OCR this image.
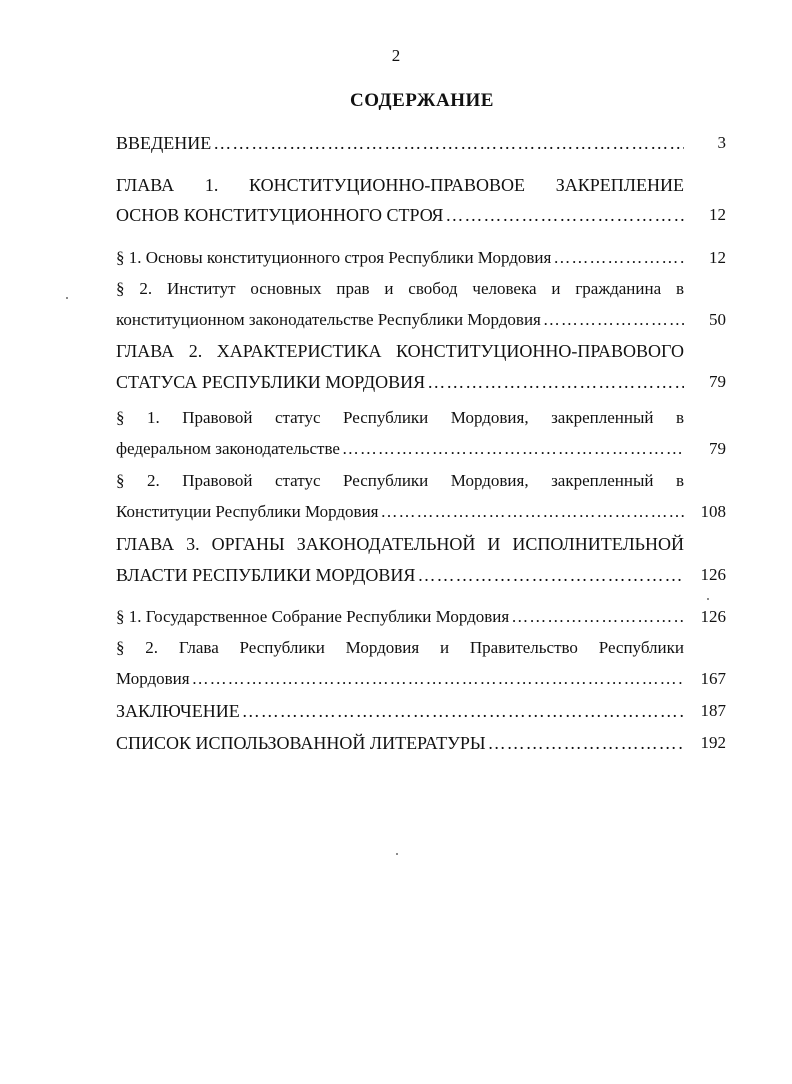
2
СОДЕРЖАНИЕ
ВВЕДЕНИЕ ……………………………………………………………………………………………………………………………	3
ГЛАВА 1. КОНСТИТУЦИОННО-ПРАВОВОЕ ЗАКРЕПЛЕНИЕ
ОСНОВ КОНСТИТУЦИОННОГО СТРОЯ ……………………………………………………………………………………………………………………………	12
§ 1. Основы конституционного строя Республики Мордовия ……………………………………………………………………………………………………………………………	12
§ 2. Институт основных прав и свобод человека и гражданина в
конституционном законодательстве Республики Мордовия ……………………………………………………………………………………………………………………………	50
ГЛАВА 2. ХАРАКТЕРИСТИКА КОНСТИТУЦИОННО-ПРАВОВОГО
СТАТУСА РЕСПУБЛИКИ МОРДОВИЯ ……………………………………………………………………………………………………………………………	79
§ 1. Правовой статус Республики Мордовия, закрепленный в
федеральном законодательстве ……………………………………………………………………………………………………………………………	79
§ 2. Правовой статус Республики Мордовия, закрепленный в
Конституции Республики Мордовия ……………………………………………………………………………………………………………………………	108
ГЛАВА 3. ОРГАНЫ ЗАКОНОДАТЕЛЬНОЙ И ИСПОЛНИТЕЛЬНОЙ
ВЛАСТИ РЕСПУБЛИКИ МОРДОВИЯ ……………………………………………………………………………………………………………………………	126
§ 1. Государственное Собрание Республики Мордовия ……………………………………………………………………………………………………………………………	126
§ 2. Глава Республики Мордовия и Правительство Республики
Мордовия ……………………………………………………………………………………………………………………………	167
ЗАКЛЮЧЕНИЕ ……………………………………………………………………………………………………………………………	187
СПИСОК ИСПОЛЬЗОВАННОЙ ЛИТЕРАТУРЫ ……………………………………………………………………………………………………………………………	192
